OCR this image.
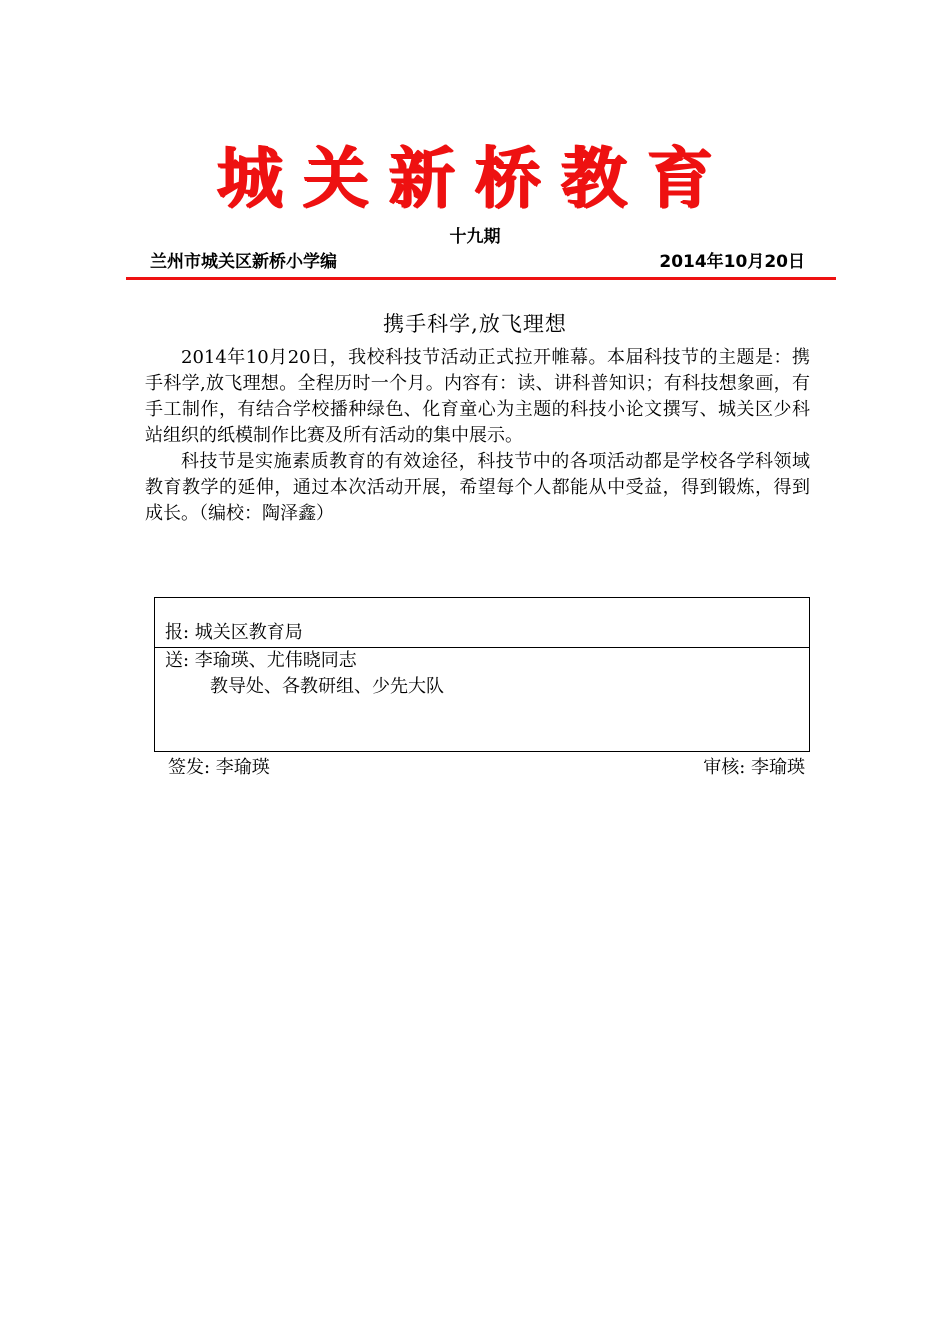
城关新桥教育
十九期
兰州市城关区新桥小学编	2014年10月20日
携手科学,放飞理想

2014年10月20日，我校科技节活动正式拉开帷幕。本届科技节的主题是：携手科学,放飞理想。全程历时一个月。内容有：读、讲科普知识；有科技想象画，有手工制作，有结合学校播种绿色、化育童心为主题的科技小论文撰写、城关区少科站组织的纸模制作比赛及所有活动的集中展示。

科技节是实施素质教育的有效途径，科技节中的各项活动都是学校各学科领域教育教学的延伸，通过本次活动开展，希望每个人都能从中受益，得到锻炼，得到成长。（编校：陶泽鑫）

报: 城关区教育局
送: 李瑜瑛、尤伟晓同志
教导处、各教研组、少先大队
签发: 李瑜瑛	审核: 李瑜瑛
